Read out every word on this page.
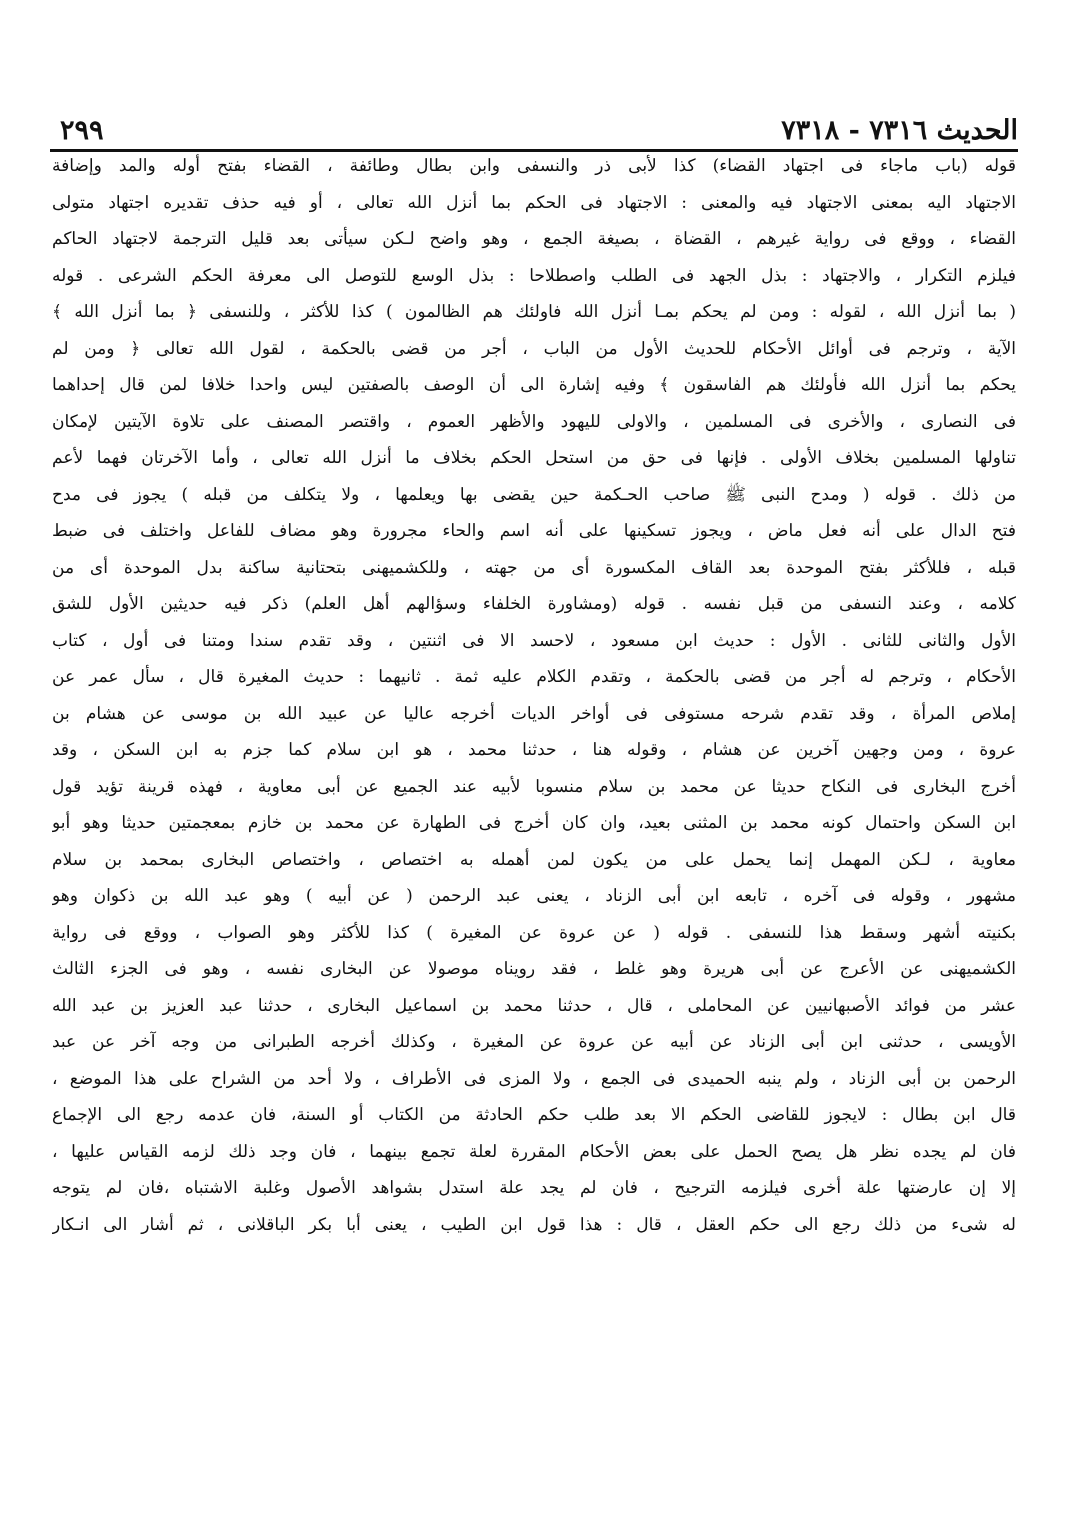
الحديث ٧٣١٦ - ٧٣١٨
٢٩٩
قوله (باب ماجاء فى اجتهاد القضاء) كذا لأبى ذر والنسفى وابن بطال وطائفة ، القضاء بفتح أوله والمد وإضافة
الاجتهاد اليه بمعنى الاجتهاد فيه والمعنى : الاجتهاد فى الحكم بما أنزل الله تعالى ، أو فيه حذف تقديره اجتهاد متولى
القضاء ، ووقع فى رواية غيرهم ، القضاة ، بصيغة الجمع ، وهو واضح لـكن سيأتى بعد قليل الترجمة لاجتهاد الحاكم
فيلزم التكرار ، والاجتهاد : بذل الجهد فى الطلب واصطلاحا : بذل الوسع للتوصل الى معرفة الحكم الشرعى . قوله
( بما أنزل الله ، لقوله : ومن لم يحكم بمـا أنزل الله فاولئك هم الظالمون ) كذا للأكثر ، وللنسفى ﴿ بما أنزل الله ﴾
الآية ، وترجم فى أوائل الأحكام للحديث الأول من الباب ، أجر من قضى بالحكمة ، لقول الله تعالى ﴿ ومن لم
يحكم بما أنزل الله فأولئك هم الفاسقون ﴾ وفيه إشارة الى أن الوصف بالصفتين ليس واحدا خلافا لمن قال إحداهما
فى النصارى ، والأخرى فى المسلمين ، والاولى لليهود والأظهر العموم ، واقتصر المصنف على تلاوة الآيتين لإمكان
تناولها المسلمين بخلاف الأولى . فإنها فى حق من استحل الحكم بخلاف ما أنزل الله تعالى ، وأما الآخرتان فهما لأعم
من ذلك . قوله ( ومدح النبى ﷺ صاحب الحـكمة حين يقضى بها ويعلمها ، ولا يتكلف من قبله ) يجوز فى مدح
فتح الدال على أنه فعل ماض ، ويجوز تسكينها على أنه اسم والحاء مجرورة وهو مضاف للفاعل واختلف فى ضبط
قبله ، فللأكثر بفتح الموحدة بعد القاف المكسورة أى من جهته ، وللكشميهنى بتحتانية ساكنة بدل الموحدة أى من
كلامه ، وعند النسفى من قبل نفسه . قوله (ومشاورة الخلفاء وسؤالهم أهل العلم) ذكر فيه حديثين الأول للشق
الأول والثانى للثانى . الأول : حديث ابن مسعود ، لاحسد الا فى اثنتين ، وقد تقدم سندا ومتنا فى أول ، كتاب
الأحكام ، وترجم له أجر من قضى بالحكمة ، وتقدم الكلام عليه ثمة . ثانيهما : حديث المغيرة قال ، سأل عمر عن
إملاص المرأة ، وقد تقدم شرحه مستوفى فى أواخر الديات أخرجه عاليا عن عبيد الله بن موسى عن هشام بن
عروة ، ومن وجهين آخرين عن هشام ، وقوله هنا ، حدثنا محمد ، هو ابن سلام كما جزم به ابن السكن ، وقد
أخرج البخارى فى النكاح حديثا عن محمد بن سلام منسوبا لأبيه عند الجميع عن أبى معاوية ، فهذه قرينة تؤيد قول
ابن السكن واحتمال كونه محمد بن المثنى بعيد، وان كان أخرج فى الطهارة عن محمد بن خازم بمعجمتين حديثا وهو أبو
معاوية ، لـكن المهمل إنما يحمل على من يكون لمن أهمله به اختصاص ، واختصاص البخارى بمحمد بن سلام
مشهور ، وقوله فى آخره ، تابعه ابن أبى الزناد ، يعنى عبد الرحمن ( عن أبيه ) وهو عبد الله بن ذكوان وهو
بكنيته أشهر وسقط هذا للنسفى . قوله ( عن عروة عن المغيرة ) كذا للأكثر وهو الصواب ، ووقع فى رواية
الكشميهنى عن الأعرج عن أبى هريرة وهو غلط ، فقد رويناه موصولا عن البخارى نفسه ، وهو فى الجزء الثالث
عشر من فوائد الأصبهانيين عن المحاملى ، قال ، حدثنا محمد بن اسماعيل البخارى ، حدثنا عبد العزيز بن عبد الله
الأويسى ، حدثنى ابن أبى الزناد عن أبيه عن عروة عن المغيرة ، وكذلك أخرجه الطبرانى من وجه آخر عن عبد
الرحمن بن أبى الزناد ، ولم ينبه الحميدى فى الجمع ، ولا المزى فى الأطراف ، ولا أحد من الشراح على هذا الموضع ،
قال ابن بطال : لايجوز للقاضى الحكم الا بعد طلب حكم الحادثة من الكتاب أو السنة، فان عدمه رجع الى الإجماع
فان لم يجده نظر هل يصح الحمل على بعض الأحكام المقررة لعلة تجمع بينهما ، فان وجد ذلك لزمه القياس عليها ،
إلا إن عارضتها علة أخرى فيلزمه الترجيح ، فان لم يجد علة استدل بشواهد الأصول وغلبة الاشتباه ،فان لم يتوجه
له شىء من ذلك رجع الى حكم العقل ، قال : هذا قول ابن الطيب ، يعنى أبا بكر الباقلانى ، ثم أشار الى انـكار
